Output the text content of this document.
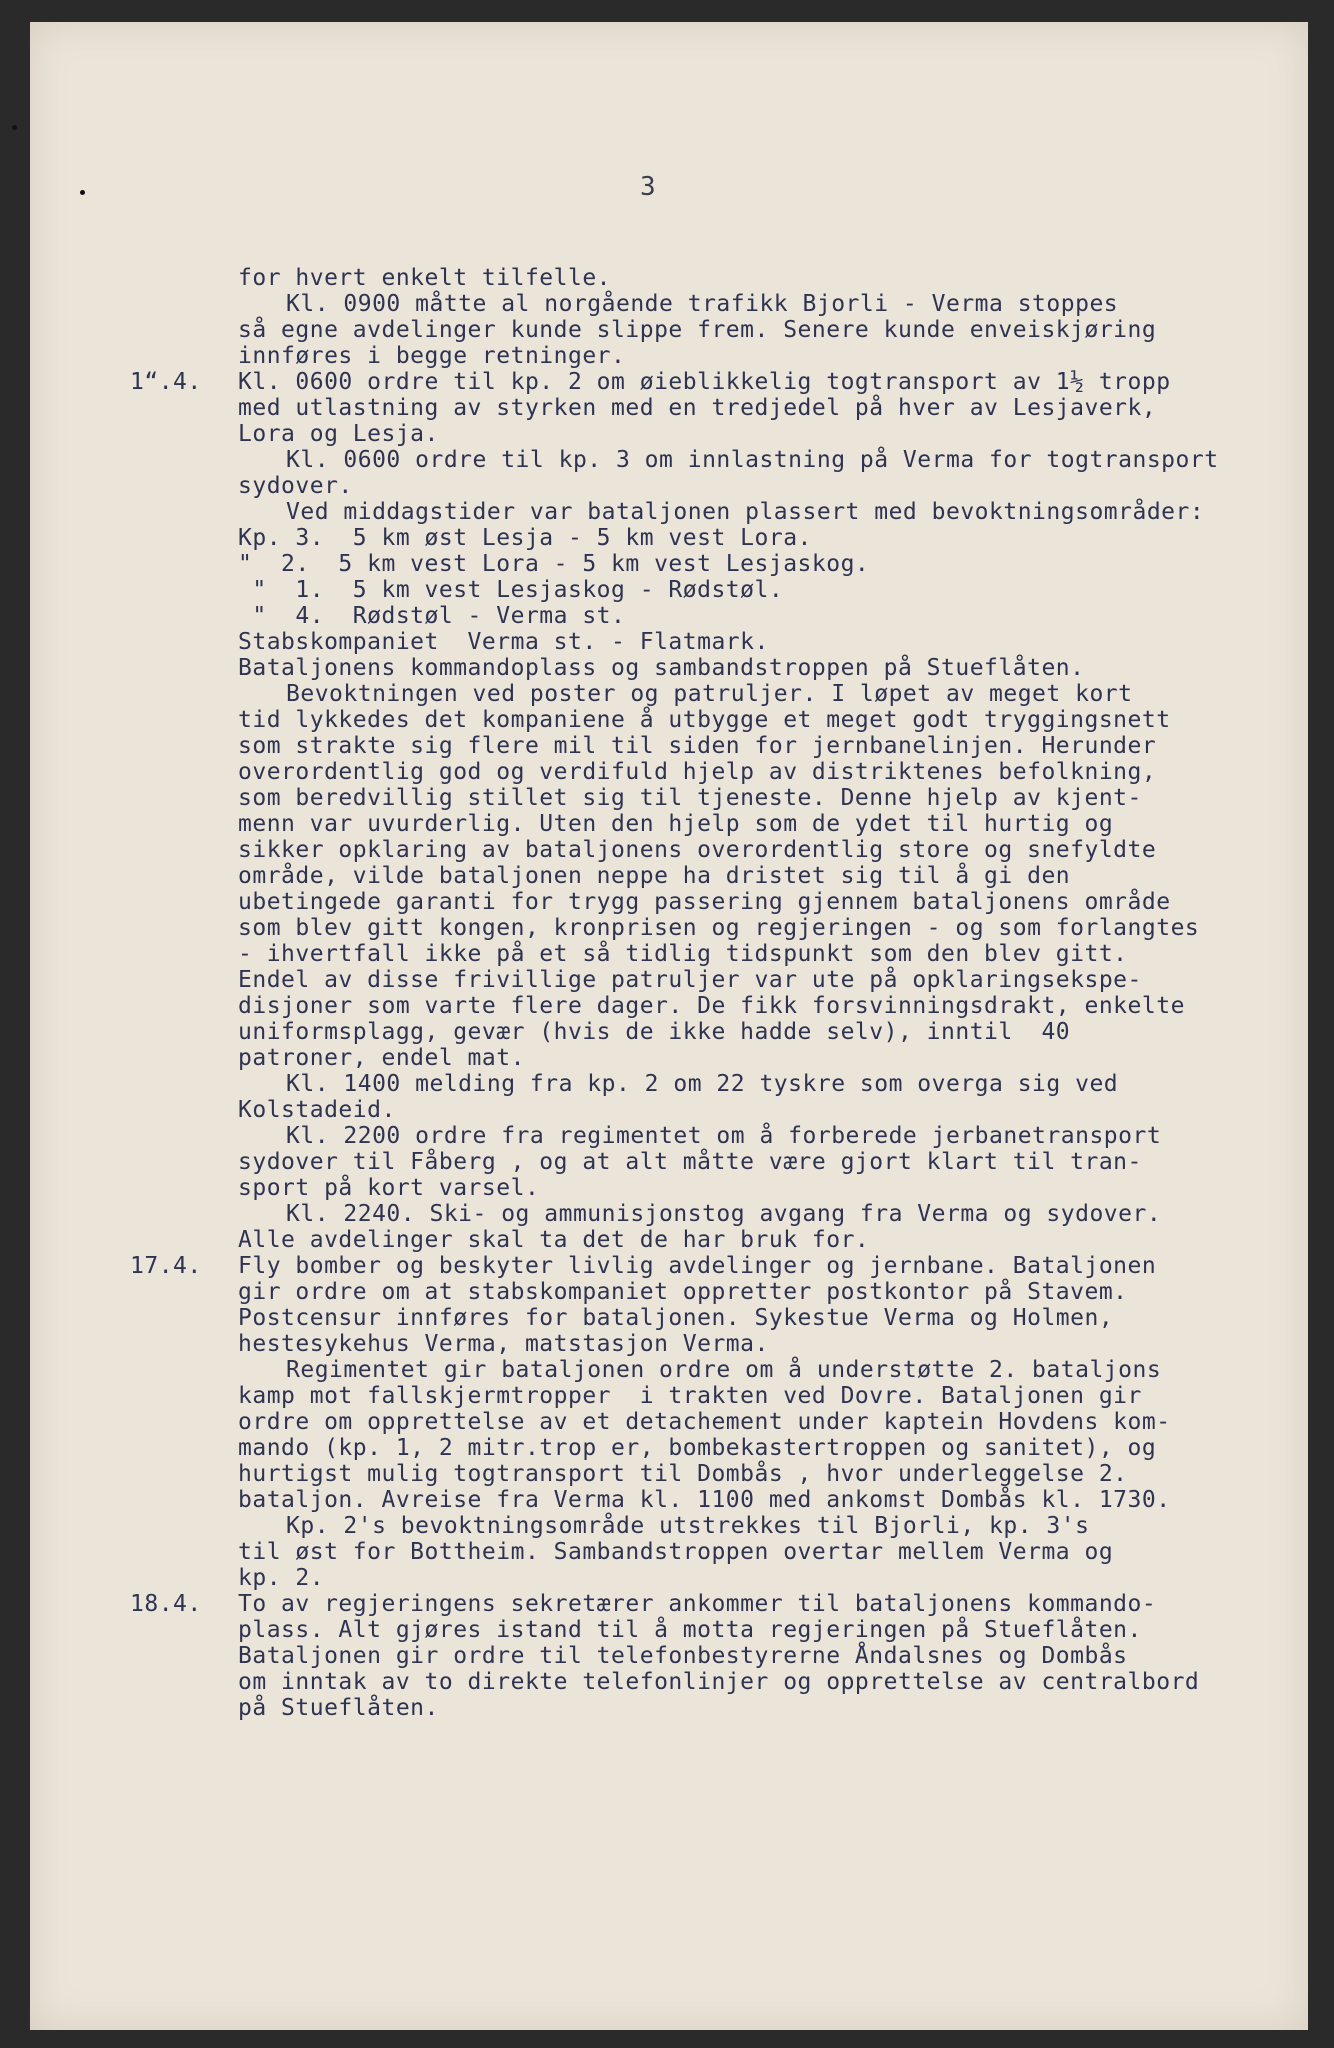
3
for hvert enkelt tilfelle.
Kl. 0900 måtte al norgående trafikk Bjorli - Verma stoppes
så egne avdelinger kunde slippe frem. Senere kunde enveiskjøring
innføres i begge retninger.
1“.4.	Kl. 0600 ordre til kp. 2 om øieblikkelig togtransport av 1½ tropp
med utlastning av styrken med en tredjedel på hver av Lesjaverk,
Lora og Lesja.
Kl. 0600 ordre til kp. 3 om innlastning på Verma for togtransport
sydover.
Ved middagstider var bataljonen plassert med bevoktningsområder:
Kp. 3.  5 km øst Lesja - 5 km vest Lora.
"  2.  5 km vest Lora - 5 km vest Lesjaskog.
"  1.  5 km vest Lesjaskog - Rødstøl.
"  4.  Rødstøl - Verma st.
Stabskompaniet  Verma st. - Flatmark.
Bataljonens kommandoplass og sambandstroppen på Stueflåten.
Bevoktningen ved poster og patruljer. I løpet av meget kort
tid lykkedes det kompaniene å utbygge et meget godt tryggingsnett
som strakte sig flere mil til siden for jernbanelinjen. Herunder
overordentlig god og verdifuld hjelp av distriktenes befolkning,
som beredvillig stillet sig til tjeneste. Denne hjelp av kjent-
menn var uvurderlig. Uten den hjelp som de ydet til hurtig og
sikker opklaring av bataljonens overordentlig store og snefyldte
område, vilde bataljonen neppe ha dristet sig til å gi den
ubetingede garanti for trygg passering gjennem bataljonens område
som blev gitt kongen, kronprisen og regjeringen - og som forlangtes
- ihvertfall ikke på et så tidlig tidspunkt som den blev gitt.
Endel av disse frivillige patruljer var ute på opklaringsekspe-
disjoner som varte flere dager. De fikk forsvinningsdrakt, enkelte
uniformsplagg, gevær (hvis de ikke hadde selv), inntil  40
patroner, endel mat.
Kl. 1400 melding fra kp. 2 om 22 tyskre som overga sig ved
Kolstadeid.
Kl. 2200 ordre fra regimentet om å forberede jerbanetransport
sydover til Fåberg , og at alt måtte være gjort klart til tran-
sport på kort varsel.
Kl. 2240. Ski- og ammunisjonstog avgang fra Verma og sydover.
Alle avdelinger skal ta det de har bruk for.
17.4.	Fly bomber og beskyter livlig avdelinger og jernbane. Bataljonen
gir ordre om at stabskompaniet oppretter postkontor på Stavem.
Postcensur innføres for bataljonen. Sykestue Verma og Holmen,
hestesykehus Verma, matstasjon Verma.
Regimentet gir bataljonen ordre om å understøtte 2. bataljons
kamp mot fallskjermtropper  i trakten ved Dovre. Bataljonen gir
ordre om opprettelse av et detachement under kaptein Hovdens kom-
mando (kp. 1, 2 mitr.trop er, bombekastertroppen og sanitet), og
hurtigst mulig togtransport til Dombås , hvor underleggelse 2.
bataljon. Avreise fra Verma kl. 1100 med ankomst Dombås kl. 1730.
Kp. 2's bevoktningsområde utstrekkes til Bjorli, kp. 3's
til øst for Bottheim. Sambandstroppen overtar mellem Verma og
kp. 2.
18.4.	To av regjeringens sekretærer ankommer til bataljonens kommando-
plass. Alt gjøres istand til å motta regjeringen på Stueflåten.
Bataljonen gir ordre til telefonbestyrerne Åndalsnes og Dombås
om inntak av to direkte telefonlinjer og opprettelse av centralbord
på Stueflåten.
